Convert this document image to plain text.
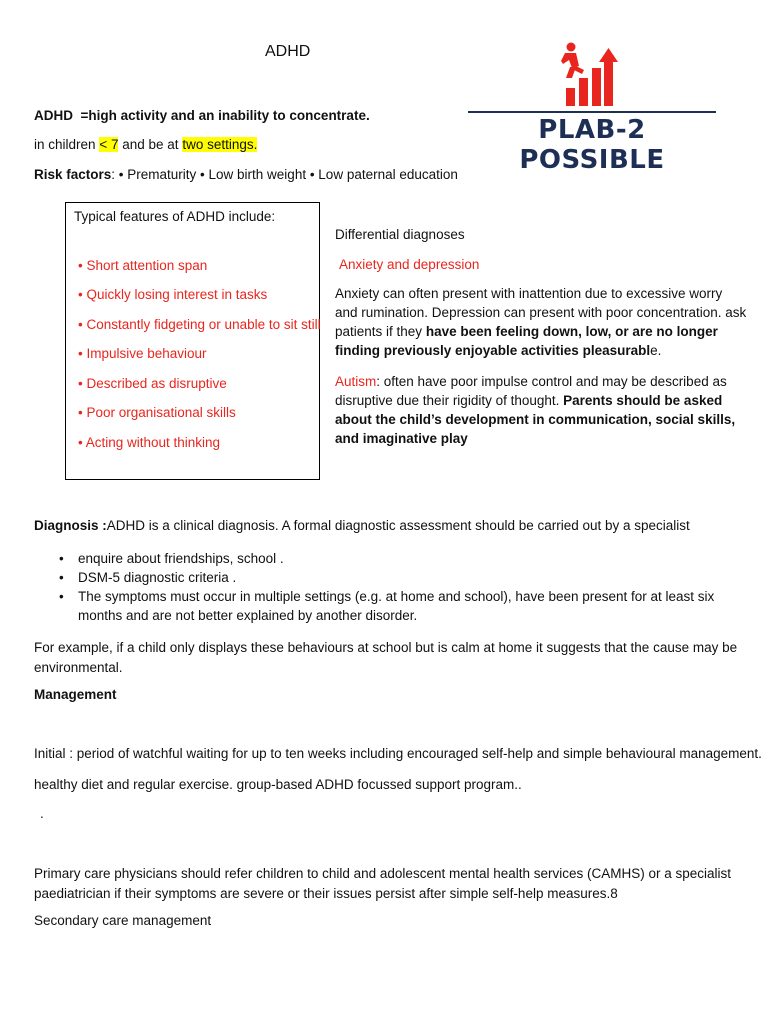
ADHD
PLAB-2 POSSIBLE
ADHD =high activity and an inability to concentrate.
in children < 7 and be at two settings.
Risk factors: • Prematurity • Low birth weight • Low paternal education
Typical features of ADHD include:
• Short attention span
• Quickly losing interest in tasks
• Constantly fidgeting or unable to sit still
• Impulsive behaviour
• Described as disruptive
• Poor organisational skills
• Acting without thinking
Differential diagnoses
Anxiety and depression
Anxiety can often present with inattention due to excessive worry and rumination. Depression can present with poor concentration. ask patients if they have been feeling down, low, or are no longer finding previously enjoyable activities pleasurable.
Autism: often have poor impulse control and may be described as disruptive due their rigidity of thought. Parents should be asked about the child’s development in communication, social skills, and imaginative play
Diagnosis :ADHD is a clinical diagnosis. A formal diagnostic assessment should be carried out by a specialist
• enquire about friendships, school .
• DSM-5 diagnostic criteria .
• The symptoms must occur in multiple settings (e.g. at home and school), have been present for at least six months and are not better explained by another disorder.
For example, if a child only displays these behaviours at school but is calm at home it suggests that the cause may be environmental.
Management
Initial : period of watchful waiting for up to ten weeks including encouraged self-help and simple behavioural management.
healthy diet and regular exercise. group-based ADHD focussed support program..
.
Primary care physicians should refer children to child and adolescent mental health services (CAMHS) or a specialist paediatrician if their symptoms are severe or their issues persist after simple self-help measures.8
Secondary care management
